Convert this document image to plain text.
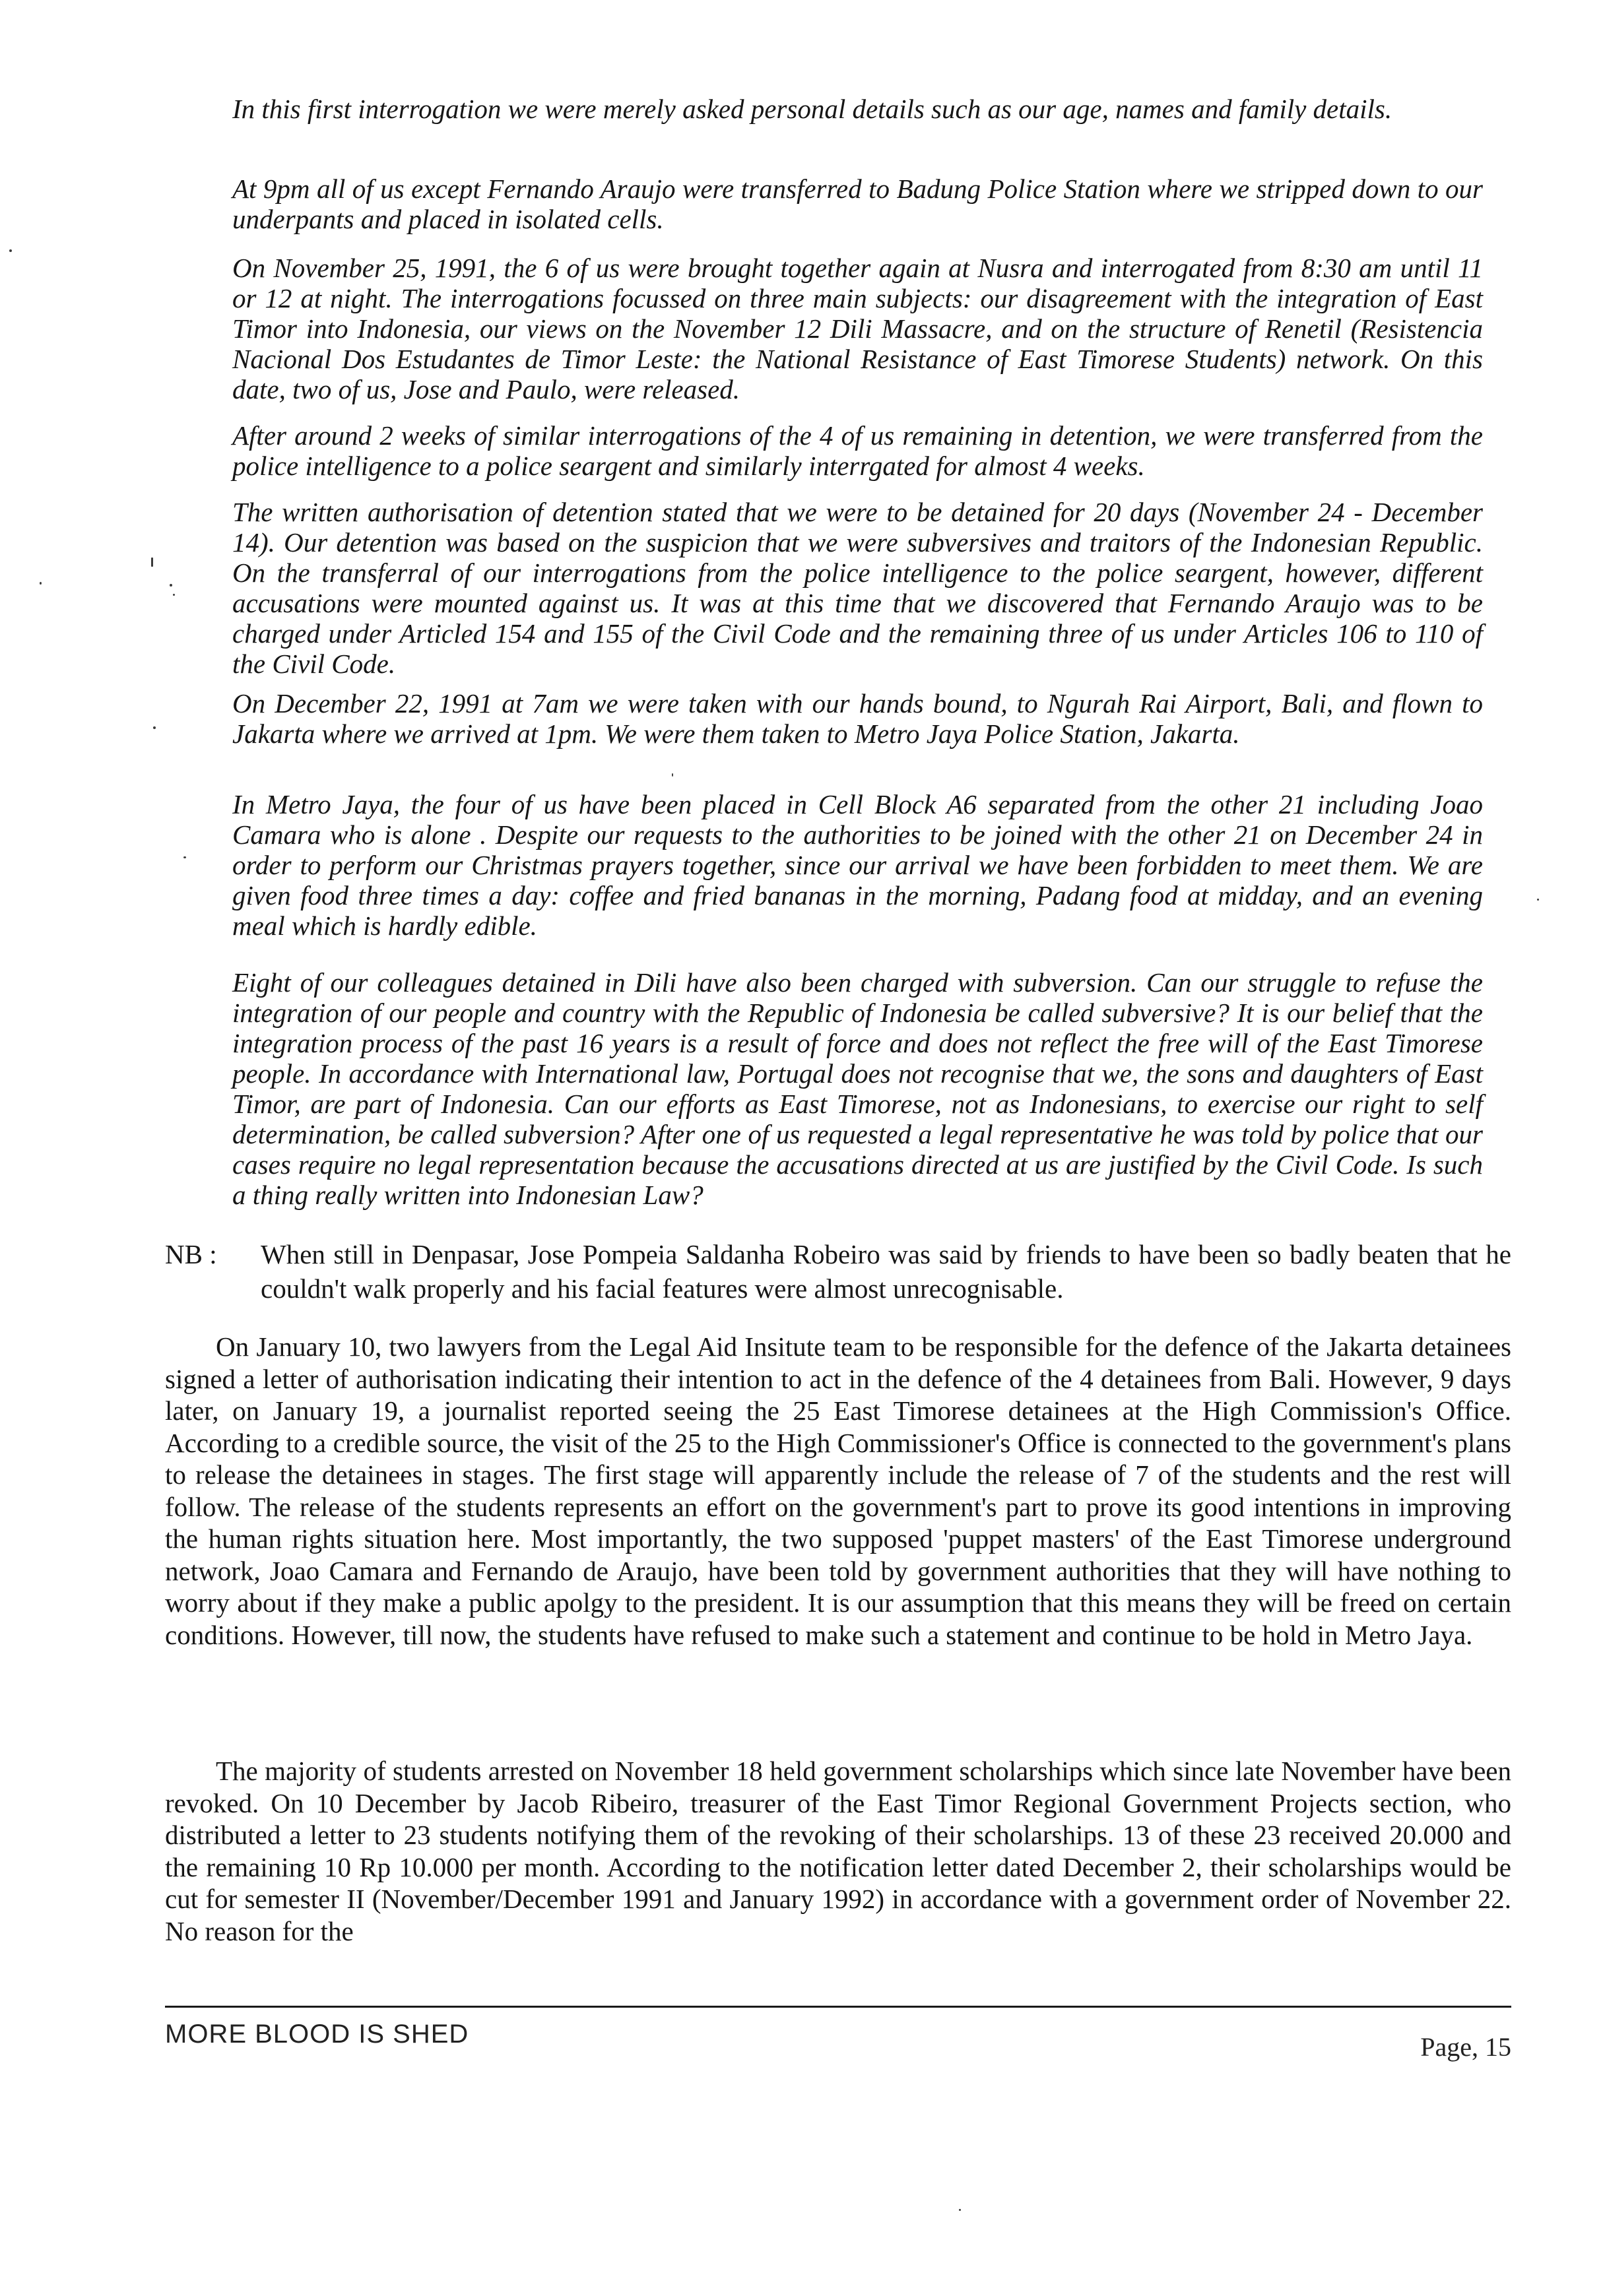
In this first interrogation we were merely asked personal details such as our age, names and family details.

At 9pm all of us except Fernando Araujo were transferred to Badung Police Station where we stripped down to our underpants and placed in isolated cells.

On November 25, 1991, the 6 of us were brought together again at Nusra and interrogated from 8:30 am until 11 or 12 at night. The interrogations focussed on three main subjects: our disagreement with the integration of East Timor into Indonesia, our views on the November 12 Dili Massacre, and on the structure of Renetil (Resistencia Nacional Dos Estudantes de Timor Leste: the National Resistance of East Timorese Students) network. On this date, two of us, Jose and Paulo, were released.

After around 2 weeks of similar interrogations of the 4 of us remaining in detention, we were transferred from the police intelligence to a police seargent and similarly interrgated for almost 4 weeks.

The written authorisation of detention stated that we were to be detained for 20 days (November 24 - December 14). Our detention was based on the suspicion that we were subversives and traitors of the Indonesian Republic. On the transferral of our interrogations from the police intelligence to the police seargent, however, different accusations were mounted against us. It was at this time that we discovered that Fernando Araujo was to be charged under Articled 154 and 155 of the Civil Code and the remaining three of us under Articles 106 to 110 of the Civil Code.

On December 22, 1991 at 7am we were taken with our hands bound, to Ngurah Rai Airport, Bali, and flown to Jakarta where we arrived at 1pm. We were them taken to Metro Jaya Police Station, Jakarta.

In Metro Jaya, the four of us have been placed in Cell Block A6 separated from the other 21 including Joao Camara who is alone . Despite our requests to the authorities to be joined with the other 21 on December 24 in order to perform our Christmas prayers together, since our arrival we have been forbidden to meet them. We are given food three times a day: coffee and fried bananas in the morning, Padang food at midday, and an evening meal which is hardly edible.

Eight of our colleagues detained in Dili have also been charged with subversion. Can our struggle to refuse the integration of our people and country with the Republic of Indonesia be called subversive? It is our belief that the integration process of the past 16 years is a result of force and does not reflect the free will of the East Timorese people. In accordance with International law, Portugal does not recognise that we, the sons and daughters of East Timor, are part of Indonesia. Can our efforts as East Timorese, not as Indonesians, to exercise our right to self determination, be called subversion? After one of us requested a legal representative he was told by police that our cases require no legal representation because the accusations directed at us are justified by the Civil Code. Is such a thing really written into Indonesian Law?

NB :	When still in Denpasar, Jose Pompeia Saldanha Robeiro was said by friends to have been so badly beaten that he couldn't walk properly and his facial features were almost unrecognisable.

On January 10, two lawyers from the Legal Aid Insitute team to be responsible for the defence of the Jakarta detainees signed a letter of authorisation indicating their intention to act in the defence of the 4 detainees from Bali. However, 9 days later, on January 19, a journalist reported seeing the 25 East Timorese detainees at the High Commission's Office. According to a credible source, the visit of the 25 to the High Commissioner's Office is connected to the government's plans to release the detainees in stages. The first stage will apparently include the release of 7 of the students and the rest will follow. The release of the students represents an effort on the government's part to prove its good intentions in improving the human rights situation here. Most importantly, the two supposed 'puppet masters' of the East Timorese underground network, Joao Camara and Fernando de Araujo, have been told by government authorities that they will have nothing to worry about if they make a public apolgy to the president. It is our assumption that this means they will be freed on certain conditions. However, till now, the students have refused to make such a statement and continue to be hold in Metro Jaya.

The majority of students arrested on November 18 held government scholarships which since late November have been revoked. On 10 December by Jacob Ribeiro, treasurer of the East Timor Regional Government Projects section, who distributed a letter to 23 students notifying them of the revoking of their scholarships. 13 of these 23 received 20.000 and the remaining 10 Rp 10.000 per month. According to the notification letter dated December 2, their scholarships would be cut for semester II (November/December 1991 and January 1992) in accordance with a government order of November 22. No reason for the

MORE BLOOD IS SHED	Page, 15
